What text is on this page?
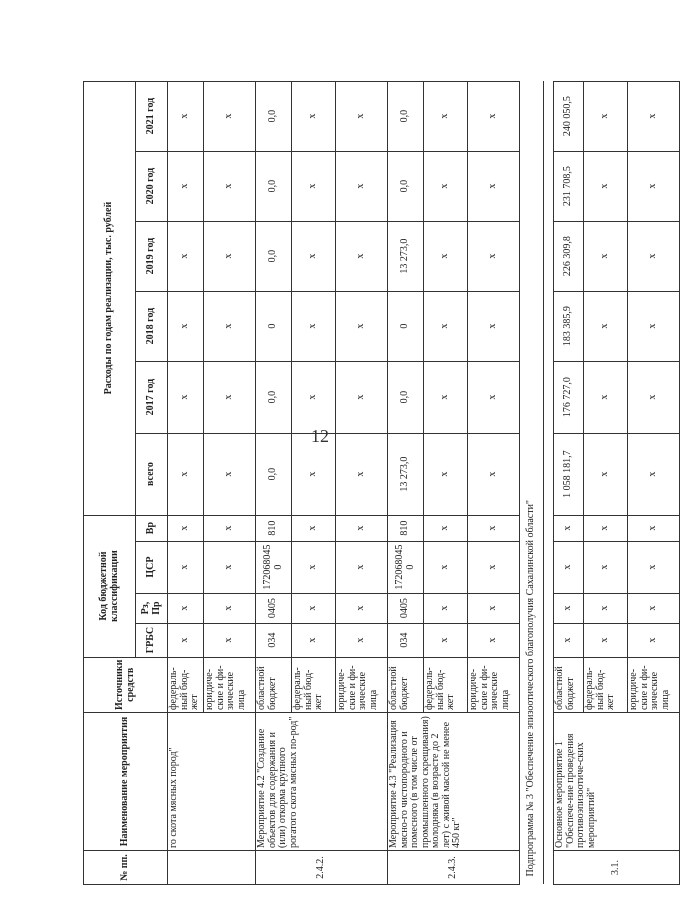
12
№ пп.	Наименование мероприятия	Источники средств	Код бюджетной классификации				Расходы по годам реализации, тыс. рублей					
			ГРБС	Рз, Пр	ЦСР	Вр	всего	2017 год	2018 год	2019 год	2020 год	2021 год
	го скота мясных пород"	федераль-ный бюд-жет	x	x	x	x	x	x	x	x	x	x
		юридиче-ские и фи-зические лица	x	x	x	x	x	x	x	x	x	x
2.4.2.	Мероприятие 4.2 "Создание объектов для содержания и (или) откорма крупного рогатого скота мясных по-род"	областной бюджет	034	0405	172068045 0	810	0,0	0,0	0	0,0	0,0	0,0
		федераль-ный бюд-жет	x	x	x	x	x	x	x	x	x	x
		юридиче-ские и фи-зические лица	x	x	x	x	x	x	x	x	x	x
2.4.3.	Мероприятие 4.3 "Реализация мясно-го чистопородного и помесного (в том числе от промышленного скрещивания) молодняка (в возрасте до 2 лет) с живой массой не менее 450 кг"	областной бюджет	034	0405	172068045 0	810	13 273,0	0,0	0	13 273,0	0,0	0,0
		федераль-ный бюд-жет	x	x	x	x	x	x	x	x	x	x
		юридиче-ские и фи-зические лица	x	x	x	x	x	x	x	x	x	x
Подпрограмма № 3 "Обеспечение эпизоотического благополучия Сахалинской области"												

3.1.	Основное мероприятие 1 "Обеспече-ние проведения противоэпизоотиче-ских мероприятий"	областной бюджет	x	x	x	x	1 058 181,7	176 727,0	183 385,9	226 309,8	231 708,5	240 050,5
		федераль-ный бюд-жет	x	x	x	x	x	x	x	x	x	x
		юридиче-ские и фи-зические лица	x	x	x	x	x	x	x	x	x	x
